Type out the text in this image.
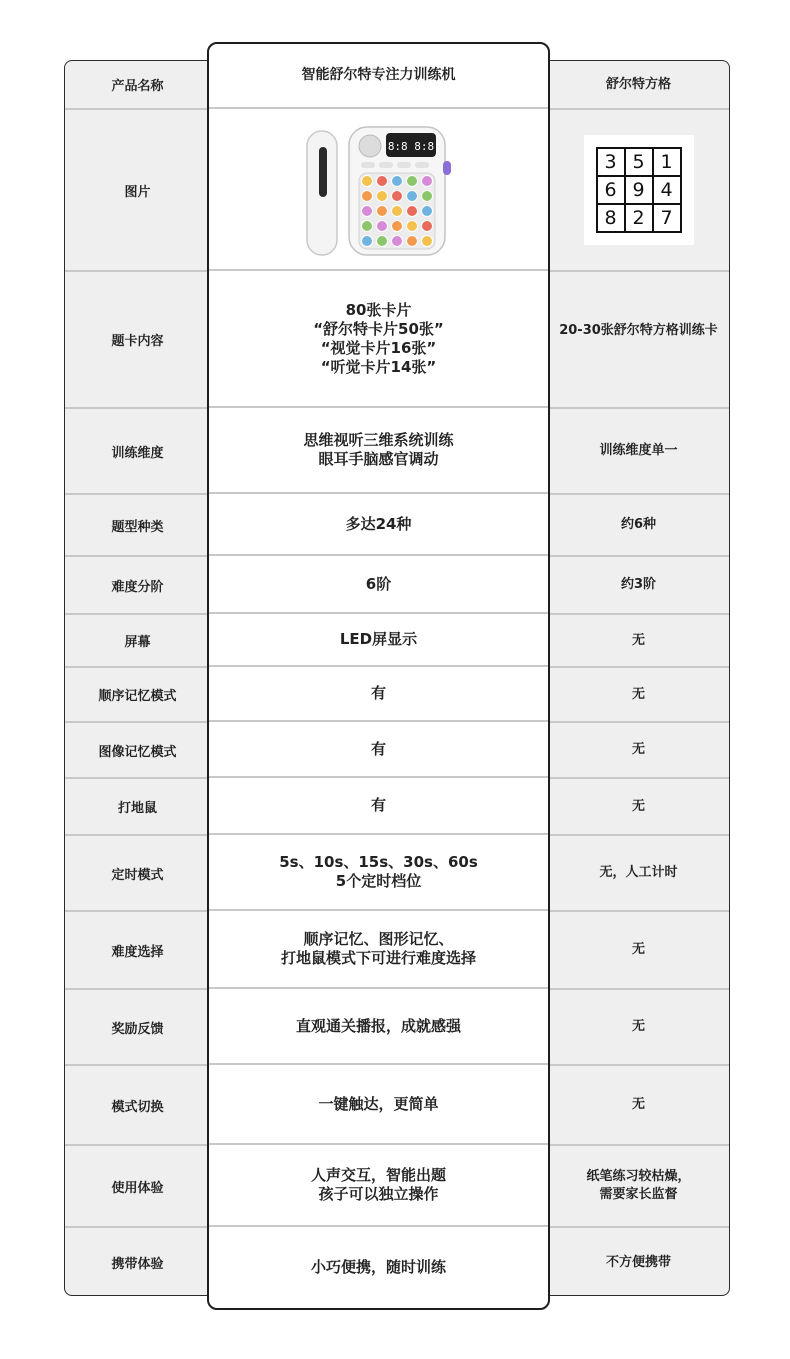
产品名称
图片
题卡内容
训练维度
题型种类
难度分阶
屏幕
顺序记忆模式
图像记忆模式
打地鼠
定时模式
难度选择
奖励反馈
模式切换
使用体验
携带体验
舒尔特方格
3 5 1
6 9 4
8 2 7
20-30张舒尔特方格训练卡
训练维度单一
约6种
约3阶
无
无
无
无
无，人工计时
无
无
无
纸笔练习较枯燥，
需要家长监督
不方便携带
智能舒尔特专注力训练机
8:8 8:8
80张卡片
“舒尔特卡片50张”
“视觉卡片16张”
“听觉卡片14张”
思维视听三维系统训练
眼耳手脑感官调动
多达24种
6阶
LED屏显示
有
有
有
5s、10s、15s、30s、60s
5个定时档位
顺序记忆、图形记忆、
打地鼠模式下可进行难度选择
直观通关播报，成就感强
一键触达，更简单
人声交互，智能出题
孩子可以独立操作
小巧便携，随时训练
